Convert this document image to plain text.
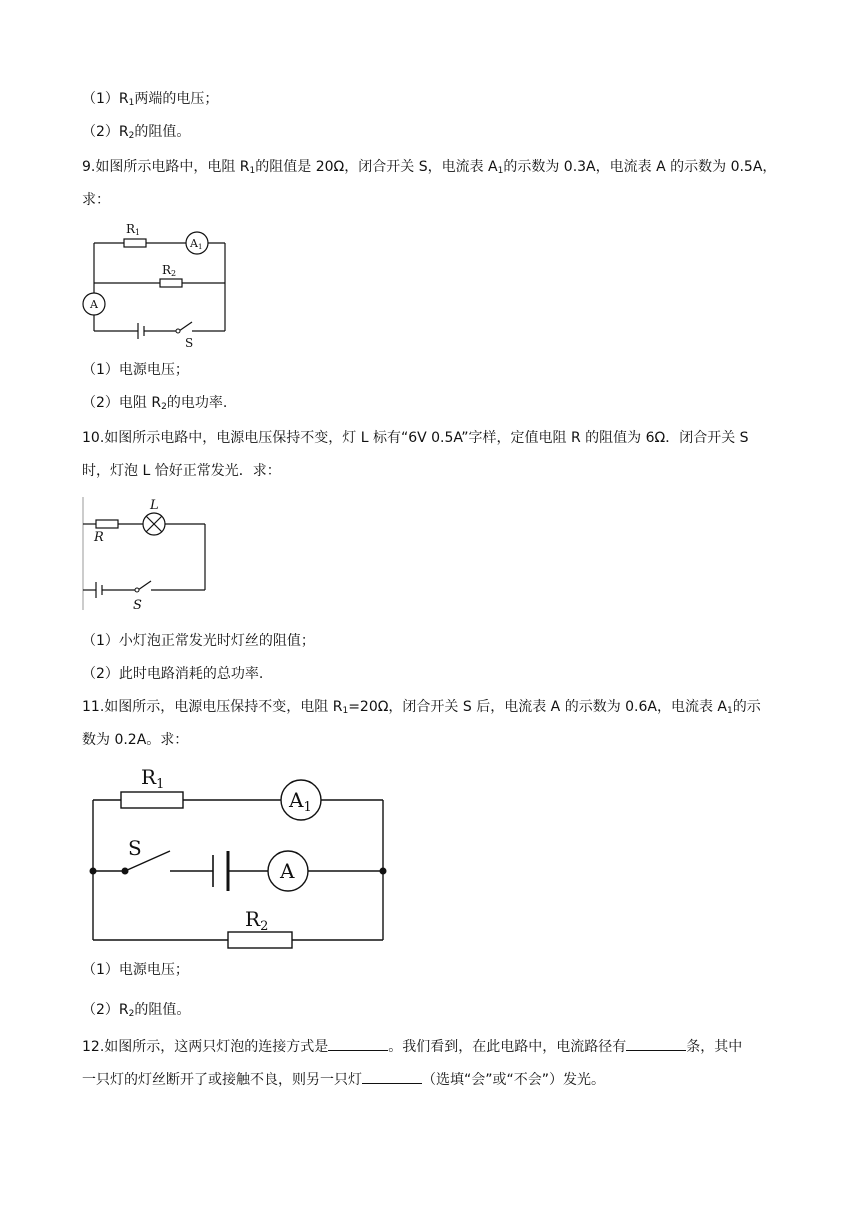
$(1)R_1$两端的电压；
$(2)R_2$的阻值。
9.如图所示电路中，电阻 $R_1$的阻值是 20Ω，闭合开关 S，电流表 $A_1$的示数为 0.3A，电流表 A 的示数为 0.5A，
求：
R1
R2
A1
A
S
（1）电源电压；
（2）电阻 $R_2$的电功率.
10.如图所示电路中，电源电压保持不变，灯 L 标有“6V 0.5A”字样，定值电阻 R 的阻值为 6Ω．闭合开关 S
时，灯泡 L 恰好正常发光．求：
L
R
S
（1）小灯泡正常发光时灯丝的阻值；
（2）此时电路消耗的总功率.
11.如图所示，电源电压保持不变，电阻 $R_1=20\Omega$，闭合开关 S 后，电流表 A 的示数为 0.6A，电流表 $A_1$的示
数为 0.2A。求：
$R_1$
$A_1$
S
A
$R_2$
（1）电源电压；
$(2)R_2$的阻值。
12.如图所示，这两只灯泡的连接方式是	。我们看到，在此电路中，电流路径有	条，其中
一只灯的灯丝断开了或接触不良，则另一只灯	（选填“会”或“不会”）发光。
